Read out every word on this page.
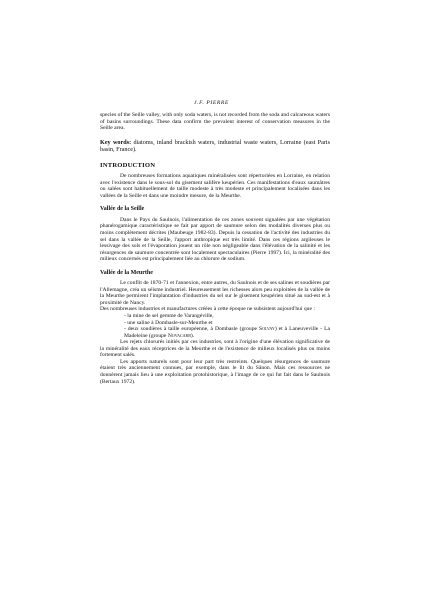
J.F. PIERRE

species of the Seille valley, with only soda waters, is not recorded from the soda and calcareous waters of basins surroundings. These data confirm the prevalent interest of conservation measures in the Seille area.

Key words: diatoms, inland brackish waters, industrial waste waters, Lorraine (east Paris basin, France).

INTRODUCTION

De nombreuses formations aquatiques minéralisées sont répertoriées en Lorraine, en relation avec l'existence dans le sous-sol du gisement salifère keupérien. Ces manifestations d'eaux saumâtres ou salées sont habituellement de taille modeste à très modeste et principalement localisées dans les vallées de la Seille et dans une moindre mesure, de la Meurthe.

Vallée de la Seille

Dans le Pays du Saulnois, l'alimentation de ces zones souvent signalées par une végétation phanérogamique caractéristique se fait par apport de saumure selon des modalités diverses plus ou moins complètement décrites (Maubeuge 1982-83). Depuis la cessation de l'activité des industries du sel dans la vallée de la Seille, l'apport anthropique est très limité. Dans ces régions argileuses le lessivage des sols et l'évaporation jouent un rôle non négligeable dans l'élévation de la salinité et les résurgences de saumure concentrée sont localement spectaculaires (Pierre 1997). Ici, la minéralité des milieux concernés est principalement liée au chlorure de sodium.

Vallée de la Meurthe

Le conflit de 1870-71 et l'annexion, entre autres, du Saulnois et de ses salines et soudières par l'Allemagne, créa un séisme industriel. Heureusement les richesses alors peu exploitées de la vallée de la Meurthe permirent l'implantation d'industries du sel sur le gisement keupérien situé au sud-est et à proximité de Nancy.

Des nombreuses industries et manufactures créées à cette époque ne subsistent aujourd'hui que :

- la mine de sel gemme de Varangéville,
- une saline à Dombasle-sur-Meurthe et
- deux soudières à taille européenne, à Dombasle (groupe Solvay) et à Laneuveville - La Madeleine (groupe Novacarb).

Les rejets chlorurés initiés par ces industries, sont à l'origine d'une élévation significative de la minéralité des eaux réceptrices de la Meurthe et de l'existence de milieux localisés plus ou moins fortement salés.

Les apports naturels sont pour leur part très restreints. Quelques résurgences de saumure étaient très anciennement connues, par exemple, dans le lit du Sânon. Mais ces ressources ne donnèrent jamais lieu à une exploitation protohistorique, à l'image de ce qui fut fait dans le Saulnois (Bertaux 1972).
